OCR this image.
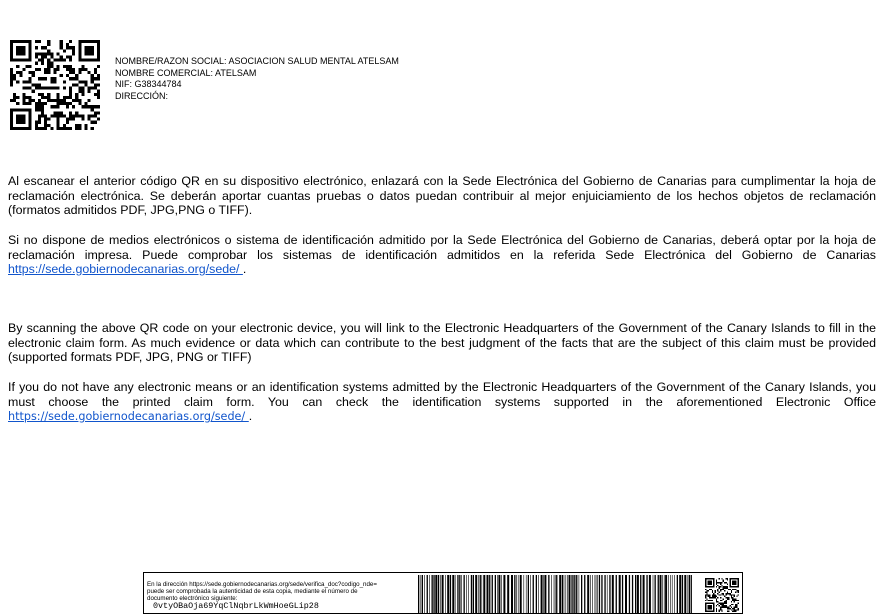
NOMBRE/RAZON SOCIAL: ASOCIACION SALUD MENTAL ATELSAM
NOMBRE COMERCIAL: ATELSAM
NIF: G38344784
DIRECCIÓN:

Al escanear el anterior código QR en su dispositivo electrónico, enlazará con la Sede Electrónica del Gobierno de Canarias para cumplimentar la hoja de reclamación electrónica. Se deberán aportar cuantas pruebas o datos puedan contribuir al mejor enjuiciamiento de los hechos objetos de reclamación (formatos admitidos PDF, JPG,PNG o TIFF).

Si no dispone de medios electrónicos o sistema de identificación admitido por la Sede Electrónica del Gobierno de Canarias, deberá optar por la hoja de reclamación impresa. Puede comprobar los sistemas de identificación admitidos en la referida Sede Electrónica del Gobierno de Canarias https://sede.gobiernodecanarias.org/sede/ .

By scanning the above QR code on your electronic device, you will link to the Electronic Headquarters of the Government of the Canary Islands to fill in the electronic claim form. As much evidence or data which can contribute to the best judgment of the facts that are the subject of this claim must be provided (supported formats PDF, JPG, PNG or TIFF)

If you do not have any electronic means or an identification systems admitted by the Electronic Headquarters of the Government of the Canary Islands, you must choose the printed claim form. You can check the identification systems supported in the aforementioned Electronic Office https://sede.gobiernodecanarias.org/sede/ .

En la dirección https://sede.gobiernodecanarias.org/sede/verifica_doc?codigo_nde=
puede ser comprobada la autenticidad de esta copia, mediante el número de
documento electrónico siguiente:
0vtyOBaOja69YqClNqbrLkWmHoeGLip28
